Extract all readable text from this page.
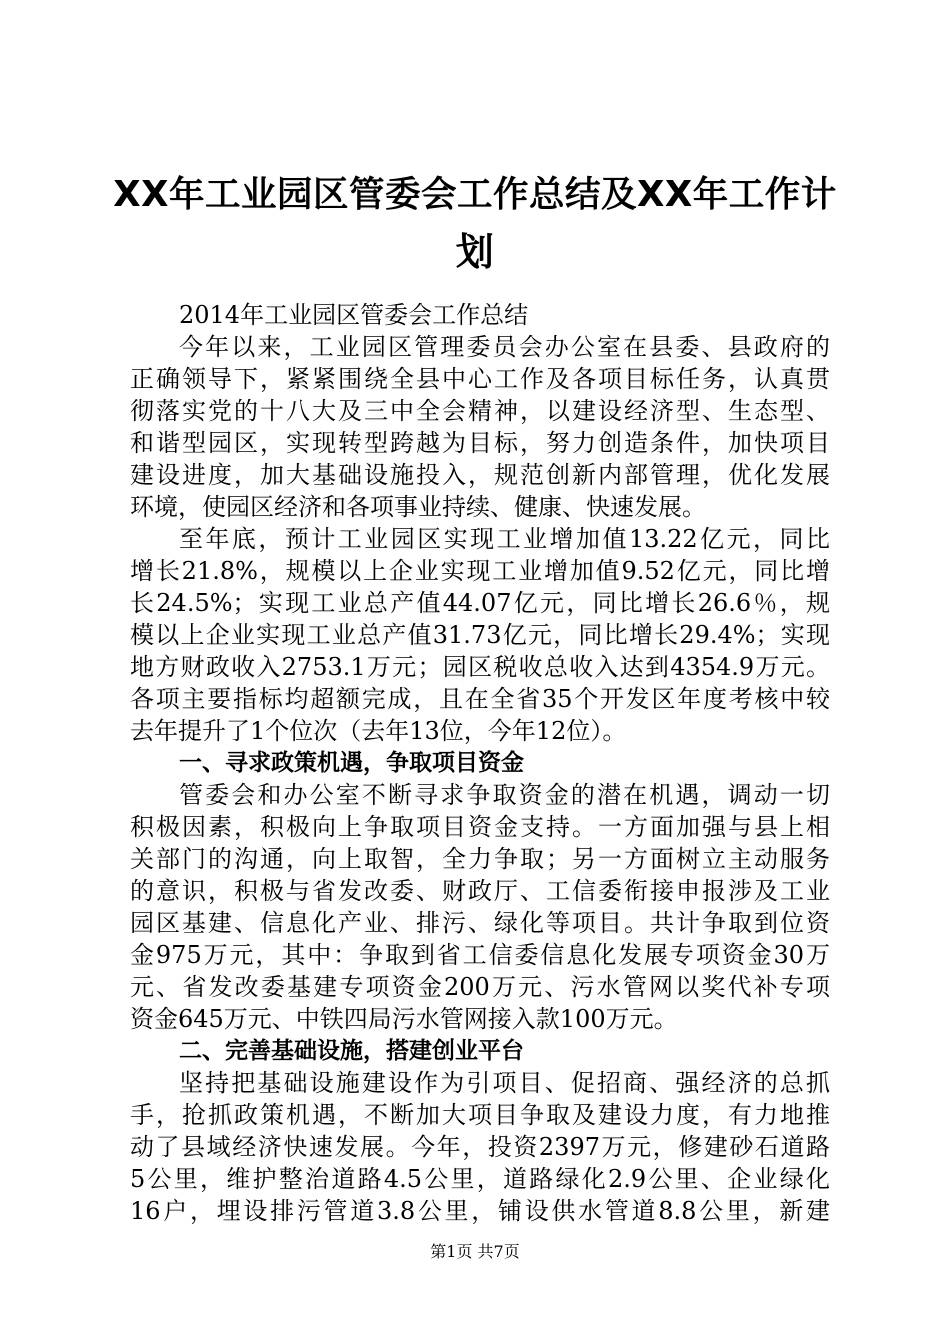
XX年工业园区管委会工作总结及XX年工作计
划
2014年工业园区管委会工作总结
今年以来，工业园区管理委员会办公室在县委、县政府的
正确领导下，紧紧围绕全县中心工作及各项目标任务，认真贯
彻落实党的十八大及三中全会精神，以建设经济型、生态型、
和谐型园区，实现转型跨越为目标，努力创造条件，加快项目
建设进度，加大基础设施投入，规范创新内部管理，优化发展
环境，使园区经济和各项事业持续、健康、快速发展。
至年底，预计工业园区实现工业增加值13.22亿元，同比
增长21.8%，规模以上企业实现工业增加值9.52亿元，同比增
长24.5%；实现工业总产值44.07亿元，同比增长26.6％，规
模以上企业实现工业总产值31.73亿元，同比增长29.4%；实现
地方财政收入2753.1万元；园区税收总收入达到4354.9万元。
各项主要指标均超额完成，且在全省35个开发区年度考核中较
去年提升了1个位次（去年13位，今年12位）。
一、寻求政策机遇，争取项目资金
管委会和办公室不断寻求争取资金的潜在机遇，调动一切
积极因素，积极向上争取项目资金支持。一方面加强与县上相
关部门的沟通，向上取智，全力争取；另一方面树立主动服务
的意识，积极与省发改委、财政厅、工信委衔接申报涉及工业
园区基建、信息化产业、排污、绿化等项目。共计争取到位资
金975万元，其中：争取到省工信委信息化发展专项资金30万
元、省发改委基建专项资金200万元、污水管网以奖代补专项
资金645万元、中铁四局污水管网接入款100万元。
二、完善基础设施，搭建创业平台
坚持把基础设施建设作为引项目、促招商、强经济的总抓
手，抢抓政策机遇，不断加大项目争取及建设力度，有力地推
动了县域经济快速发展。今年，投资2397万元，修建砂石道路
5公里，维护整治道路4.5公里，道路绿化2.9公里、企业绿化
16户，埋设排污管道3.8公里，铺设供水管道8.8公里，新建
第1页 共7页
